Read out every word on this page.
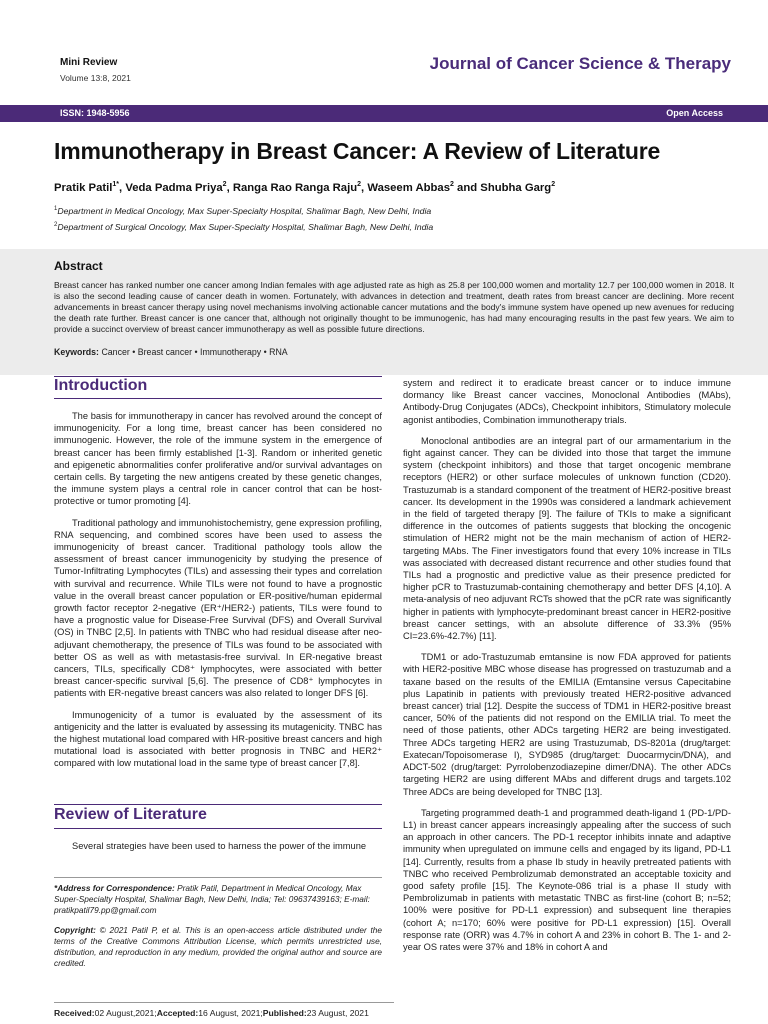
Mini Review
Volume 13:8, 2021
Journal of Cancer Science & Therapy
ISSN: 1948-5956	Open Access
Immunotherapy in Breast Cancer: A Review of Literature
Pratik Patil$^{1*}$, Veda Padma Priya$^2$, Ranga Rao Ranga Raju$^2$, Waseem Abbas$^2$ and Shubha Garg$^2$
$^1$Department in Medical Oncology, Max Super-Specialty Hospital, Shalimar Bagh, New Delhi, India
$^2$Department of Surgical Oncology, Max Super-Specialty Hospital, Shalimar Bagh, New Delhi, India
Abstract
Breast cancer has ranked number one cancer among Indian females with age adjusted rate as high as 25.8 per 100,000 women and mortality 12.7 per 100,000 women in 2018. It is also the second leading cause of cancer death in women. Fortunately, with advances in detection and treatment, death rates from breast cancer are declining. More recent advancements in breast cancer therapy using novel mechanisms involving actionable cancer mutations and the body's immune system have opened up new avenues for reducing the death rate further. Breast cancer is one cancer that, although not originally thought to be immunogenic, has had many encouraging results in the past few years. We aim to provide a succinct overview of breast cancer immunotherapy as well as possible future directions.
Keywords: Cancer • Breast cancer • Immunotherapy • RNA
Introduction

The basis for immunotherapy in cancer has revolved around the concept of immunogenicity. For a long time, breast cancer has been considered no immunogenic. However, the role of the immune system in the emergence of breast cancer has been firmly established [1-3]. Random or inherited genetic and epigenetic abnormalities confer proliferative and/or survival advantages on certain cells. By targeting the new antigens created by these genetic changes, the immune system plays a central role in cancer control that can be host-protective or tumor promoting [4].

Traditional pathology and immunohistochemistry, gene expression profiling, RNA sequencing, and combined scores have been used to assess the immunogenicity of breast cancer. Traditional pathology tools allow the assessment of breast cancer immunogenicity by studying the presence of Tumor-Infiltrating Lymphocytes (TILs) and assessing their types and correlation with survival and recurrence. While TILs were not found to have a prognostic value in the overall breast cancer population or ER-positive/human epidermal growth factor receptor 2-negative (ER⁺/HER2-) patients, TILs were found to have a prognostic value for Disease-Free Survival (DFS) and Overall Survival (OS) in TNBC [2,5]. In patients with TNBC who had residual disease after neo-adjuvant chemotherapy, the presence of TILs was found to be associated with better OS as well as with metastasis-free survival. In ER-negative breast cancers, TILs, specifically CD8⁺ lymphocytes, were associated with better breast cancer-specific survival [5,6]. The presence of CD8⁺ lymphocytes in patients with ER-negative breast cancers was also related to longer DFS [6].

Immunogenicity of a tumor is evaluated by the assessment of its antigenicity and the latter is evaluated by assessing its mutagenicity. TNBC has the highest mutational load compared with HR-positive breast cancers and high mutational load is associated with better prognosis in TNBC and HER2⁺ compared with low mutational load in the same type of breast cancer [7,8].

Review of Literature

Several strategies have been used to harness the power of the immune

*Address for Correspondence: Pratik Patil, Department in Medical Oncology, Max Super-Specialty Hospital, Shalimar Bagh, New Delhi, India; Tel: 09637439163; E-mail: pratikpatil79.pp@gmail.com
Copyright: © 2021 Patil P, et al. This is an open-access article distributed under the terms of the Creative Commons Attribution License, which permits unrestricted use, distribution, and reproduction in any medium, provided the original author and source are credited.
Received:02 August,2021;Accepted:16 August, 2021;Published:23 August, 2021

system and redirect it to eradicate breast cancer or to induce immune dormancy like Breast cancer vaccines, Monoclonal Antibodies (MAbs), Antibody-Drug Conjugates (ADCs), Checkpoint inhibitors, Stimulatory molecule agonist antibodies, Combination immunotherapy trials.

Monoclonal antibodies are an integral part of our armamentarium in the fight against cancer. They can be divided into those that target the immune system (checkpoint inhibitors) and those that target oncogenic membrane receptors (HER2) or other surface molecules of unknown function (CD20). Trastuzumab is a standard component of the treatment of HER2-positive breast cancer. Its development in the 1990s was considered a landmark achievement in the field of targeted therapy [9]. The failure of TKIs to make a significant difference in the outcomes of patients suggests that blocking the oncogenic stimulation of HER2 might not be the main mechanism of action of HER2-targeting MAbs. The Finer investigators found that every 10% increase in TILs was associated with decreased distant recurrence and other studies found that TILs had a prognostic and predictive value as their presence predicted for higher pCR to Trastuzumab-containing chemotherapy and better DFS [4,10]. A meta-analysis of neo adjuvant RCTs showed that the pCR rate was significantly higher in patients with lymphocyte-predominant breast cancer in HER2-positive breast cancer settings, with an absolute difference of 33.3% (95% CI=23.6%-42.7%) [11].

TDM1 or ado-Trastuzumab emtansine is now FDA approved for patients with HER2-positive MBC whose disease has progressed on trastuzumab and a taxane based on the results of the EMILIA (Emtansine versus Capecitabine plus Lapatinib in patients with previously treated HER2-positive advanced breast cancer) trial [12]. Despite the success of TDM1 in HER2-positive breast cancer, 50% of the patients did not respond on the EMILIA trial. To meet the need of those patients, other ADCs targeting HER2 are being investigated. Three ADCs targeting HER2 are using Trastuzumab, DS-8201a (drug/target: Exatecan/Topoisomerase I), SYD985 (drug/target: Duocarmycin/DNA), and ADCT-502 (drug/target: Pyrrolobenzodiazepine dimer/DNA). The other ADCs targeting HER2 are using different MAbs and different drugs and targets.102 Three ADCs are being developed for TNBC [13].

Targeting programmed death-1 and programmed death-ligand 1 (PD-1/PD-L1) in breast cancer appears increasingly appealing after the success of such an approach in other cancers. The PD-1 receptor inhibits innate and adaptive immunity when upregulated on immune cells and engaged by its ligand, PD-L1 [14]. Currently, results from a phase Ib study in heavily pretreated patients with TNBC who received Pembrolizumab demonstrated an acceptable toxicity and good safety profile [15]. The Keynote-086 trial is a phase II study with Pembrolizumab in patients with metastatic TNBC as first-line (cohort B; n=52; 100% were positive for PD-L1 expression) and subsequent line therapies (cohort A; n=170; 60% were positive for PD-L1 expression) [15]. Overall response rate (ORR) was 4.7% in cohort A and 23% in cohort B. The 1- and 2-year OS rates were 37% and 18% in cohort A and
